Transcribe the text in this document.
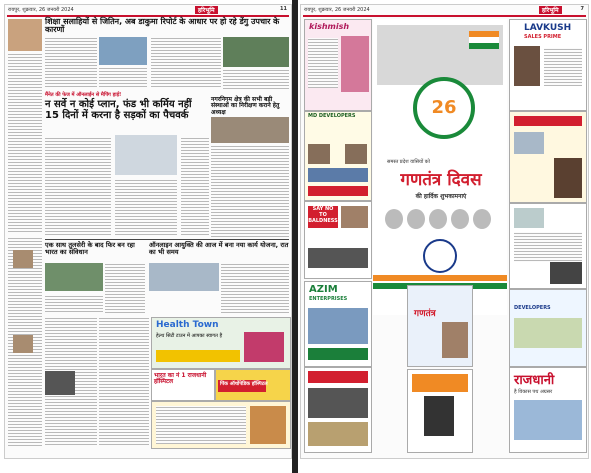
रायपुर, शुक्रवार, 26 जनवरी 2024	हरिभूमि	11
शिक्षा सलाहियों से जितिन, अब डाकुमा रिपोर्ट के आधार पर हो रहे डेंगु उपचार के कारणों
मैंनेत की फेज में ऑनलाईन से मैपिंग हाई!
न सर्वे न कोई प्लान, फंड भी कर्मिय नहीं 15 दिनों में करना है सड़कों का पैचवर्क
नगरनिगम क्षेत्र की सभी बड़ी संस्थाओं का निरीक्षण कराने हेतु अध्यक्ष
एक साथ तुलसेरी के बाद फिर बन रहा भारत का संविधान
ऑनलाइन आयुक्ति की आज में बना नया कार्य योजना, रात का भी समय
Health Town
हेल्थ सिटी टाउन में आपका स्वागत है
भारत का नं 1 राजधानी हॉस्पिटल	पिंक ऑर्थोपेडिक हॉस्पिटल
रायपुर, शुक्रवार, 26 जनवरी 2024	हरिभूमि	7
kishmish
MD DEVELOPERS
SAY NO TO BALDNESS
AZIM
ENTERPRISES
26
समस्त प्रदेश वासियों को
गणतंत्र दिवस
की हार्दिक शुभकामनाएं
गणतंत्र
LAVKUSH
SALES PRIME
DEVELOPERS
राजधानी
है विकास पथ अग्रसर
